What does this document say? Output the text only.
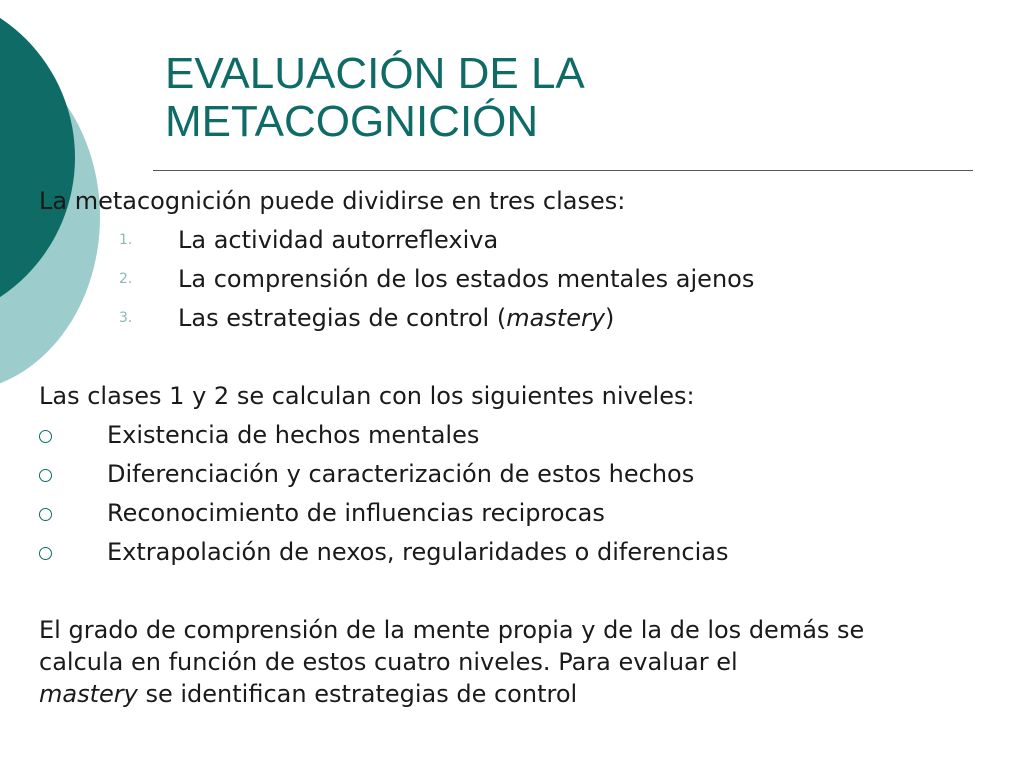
EVALUACIÓN DE LA
METACOGNICIÓN
La metacognición puede dividirse en tres clases:
1. La actividad autorreflexiva
2. La comprensión de los estados mentales ajenos
3. Las estrategias de control (mastery)
Las clases 1 y 2 se calculan con los siguientes niveles:
Existencia de hechos mentales
Diferenciación y caracterización de estos hechos
Reconocimiento de influencias reciprocas
Extrapolación de nexos, regularidades o diferencias
El grado de comprensión de la mente propia y de la de los demás se
calcula en función de estos cuatro niveles. Para evaluar el
mastery se identifican estrategias de control
